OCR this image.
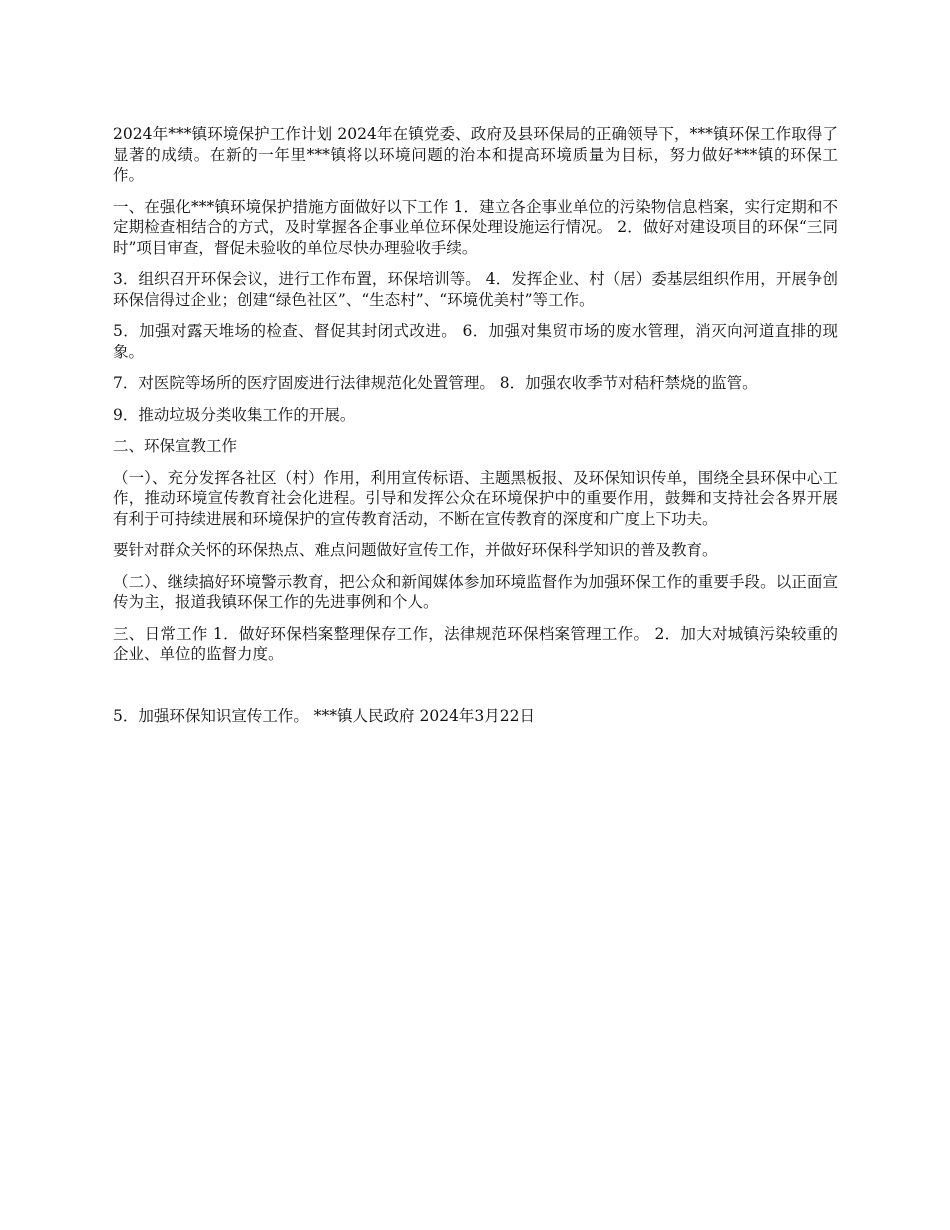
2024年***镇环境保护工作计划 2024年在镇党委、政府及县环保局的正确领导下，***镇环保工作取得了显著的成绩。在新的一年里***镇将以环境问题的治本和提高环境质量为目标，努力做好***镇的环保工作。

一、在强化***镇环境保护措施方面做好以下工作 1．建立各企事业单位的污染物信息档案，实行定期和不定期检查相结合的方式，及时掌握各企事业单位环保处理设施运行情况。 2．做好对建设项目的环保“三同时”项目审查，督促未验收的单位尽快办理验收手续。

3．组织召开环保会议，进行工作布置，环保培训等。 4．发挥企业、村（居）委基层组织作用，开展争创环保信得过企业；创建“绿色社区”、“生态村”、“环境优美村”等工作。

5．加强对露天堆场的检查、督促其封闭式改进。 6．加强对集贸市场的废水管理，消灭向河道直排的现象。

7．对医院等场所的医疗固废进行法律规范化处置管理。 8．加强农收季节对秸秆禁烧的监管。

9．推动垃圾分类收集工作的开展。

二、环保宣教工作

（一）、充分发挥各社区（村）作用，利用宣传标语、主题黑板报、及环保知识传单，围绕全县环保中心工作，推动环境宣传教育社会化进程。引导和发挥公众在环境保护中的重要作用，鼓舞和支持社会各界开展有利于可持续进展和环境保护的宣传教育活动，不断在宣传教育的深度和广度上下功夫。

要针对群众关怀的环保热点、难点问题做好宣传工作，并做好环保科学知识的普及教育。

（二）、继续搞好环境警示教育，把公众和新闻媒体参加环境监督作为加强环保工作的重要手段。以正面宣传为主，报道我镇环保工作的先进事例和个人。

三、日常工作 1．做好环保档案整理保存工作，法律规范环保档案管理工作。 2．加大对城镇污染较重的企业、单位的监督力度。

5．加强环保知识宣传工作。 ***镇人民政府 2024年3月22日
